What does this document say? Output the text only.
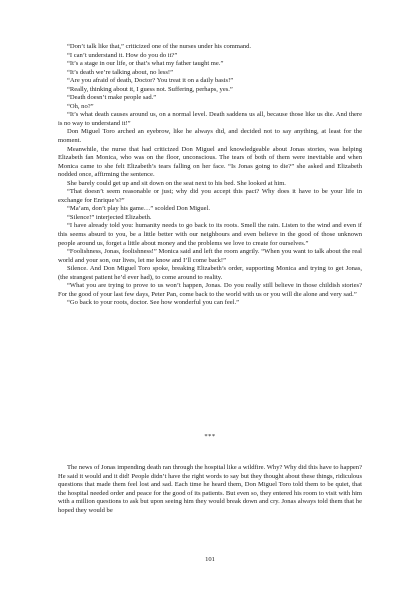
“Don’t talk like that,” criticized one of the nurses under his command.

“I can’t understand it. How do you do it?”

“It’s a stage in our life, or that’s what my father taught me.”

“It’s death we’re talking about, no less!”

“Are you afraid of death, Doctor? You treat it on a daily basis!”

“Really, thinking about it, I guess not. Suffering, perhaps, yes.”

“Death doesn’t make people sad.”

“Oh, no?”

“It’s what death causes around us, on a normal level. Death saddens us all, because those like us die. And there is no way to understand it!”

Don Miguel Toro arched an eyebrow, like he always did, and decided not to say anything, at least for the moment.

Meanwhile, the nurse that had criticized Don Miguel and knowledgeable about Jonas stories, was helping Elizabeth fan Monica, who was on the floor, unconscious. The tears of both of them were inevitable and when Monica came to she felt Elizabeth’s tears falling on her face. “Is Jonas going to die?” she asked and Elizabeth nodded once, affirming the sentence.

She barely could get up and sit down on the seat next to his bed. She looked at him.

“That doesn’t seem reasonable or just; why did you accept this pact? Why does it have to be your life in exchange for Enrique’s?”

“Ma’am, don’t play his game…” scolded Don Miguel.

“Silence!” interjected Elizabeth.

“I have already told you: humanity needs to go back to its roots. Smell the rain. Listen to the wind and even if this seems absurd to you, be a little better with our neighbours and even believe in the good of those unknown people around us, forget a little about money and the problems we love to create for ourselves.”

“Foolishness, Jonas, foolishness!” Monica said and left the room angrily. “When you want to talk about the real world and your son, our lives, let me know and I’ll come back!”

Silence. And Don Miguel Toro spoke, breaking Elizabeth’s order, supporting Monica and trying to get Jonas, (the strangest patient he’d ever had), to come around to reality.

“What you are trying to prove to us won’t happen, Jonas. Do you really still believe in those childish stories? For the good of your last few days, Peter Pan, come back to the world with us or you will die alone and very sad.”

“Go back to your roots, doctor. See how wonderful you can feel.”

***

The news of Jonas impending death ran through the hospital like a wildfire. Why? Why did this have to happen? He said it would and it did! People didn’t have the right words to say but they thought about these things, ridiculous questions that made them feel lost and sad. Each time he heard them, Don Miguel Toro told them to be quiet, that the hospital needed order and peace for the good of its patients. But even so, they entered his room to visit with him with a million questions to ask but upon seeing him they would break down and cry. Jonas always told them that he hoped they would be

101
